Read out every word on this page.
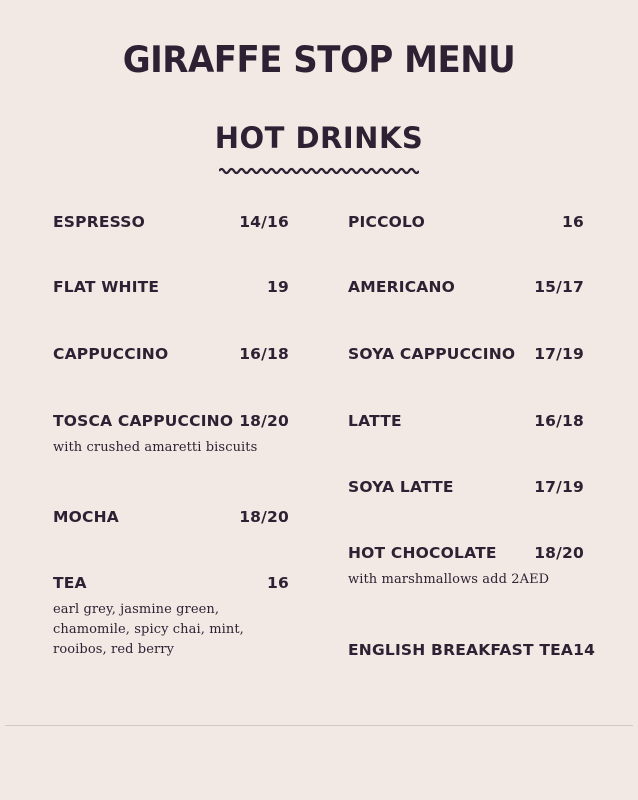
GIRAFFE STOP MENU
HOT DRINKS
ESPRESSO	14/16
FLAT WHITE	19
CAPPUCCINO	16/18
TOSCA CAPPUCCINO 18/20
with crushed amaretti biscuits
MOCHA	18/20
TEA	16
earl grey, jasmine green, chamomile, spicy chai, mint, rooibos, red berry
PICCOLO	16
AMERICANO	15/17
SOYA CAPPUCCINO 17/19
LATTE	16/18
SOYA LATTE	17/19
HOT CHOCOLATE 18/20
with marshmallows add 2AED
ENGLISH BREAKFAST TEA 14
